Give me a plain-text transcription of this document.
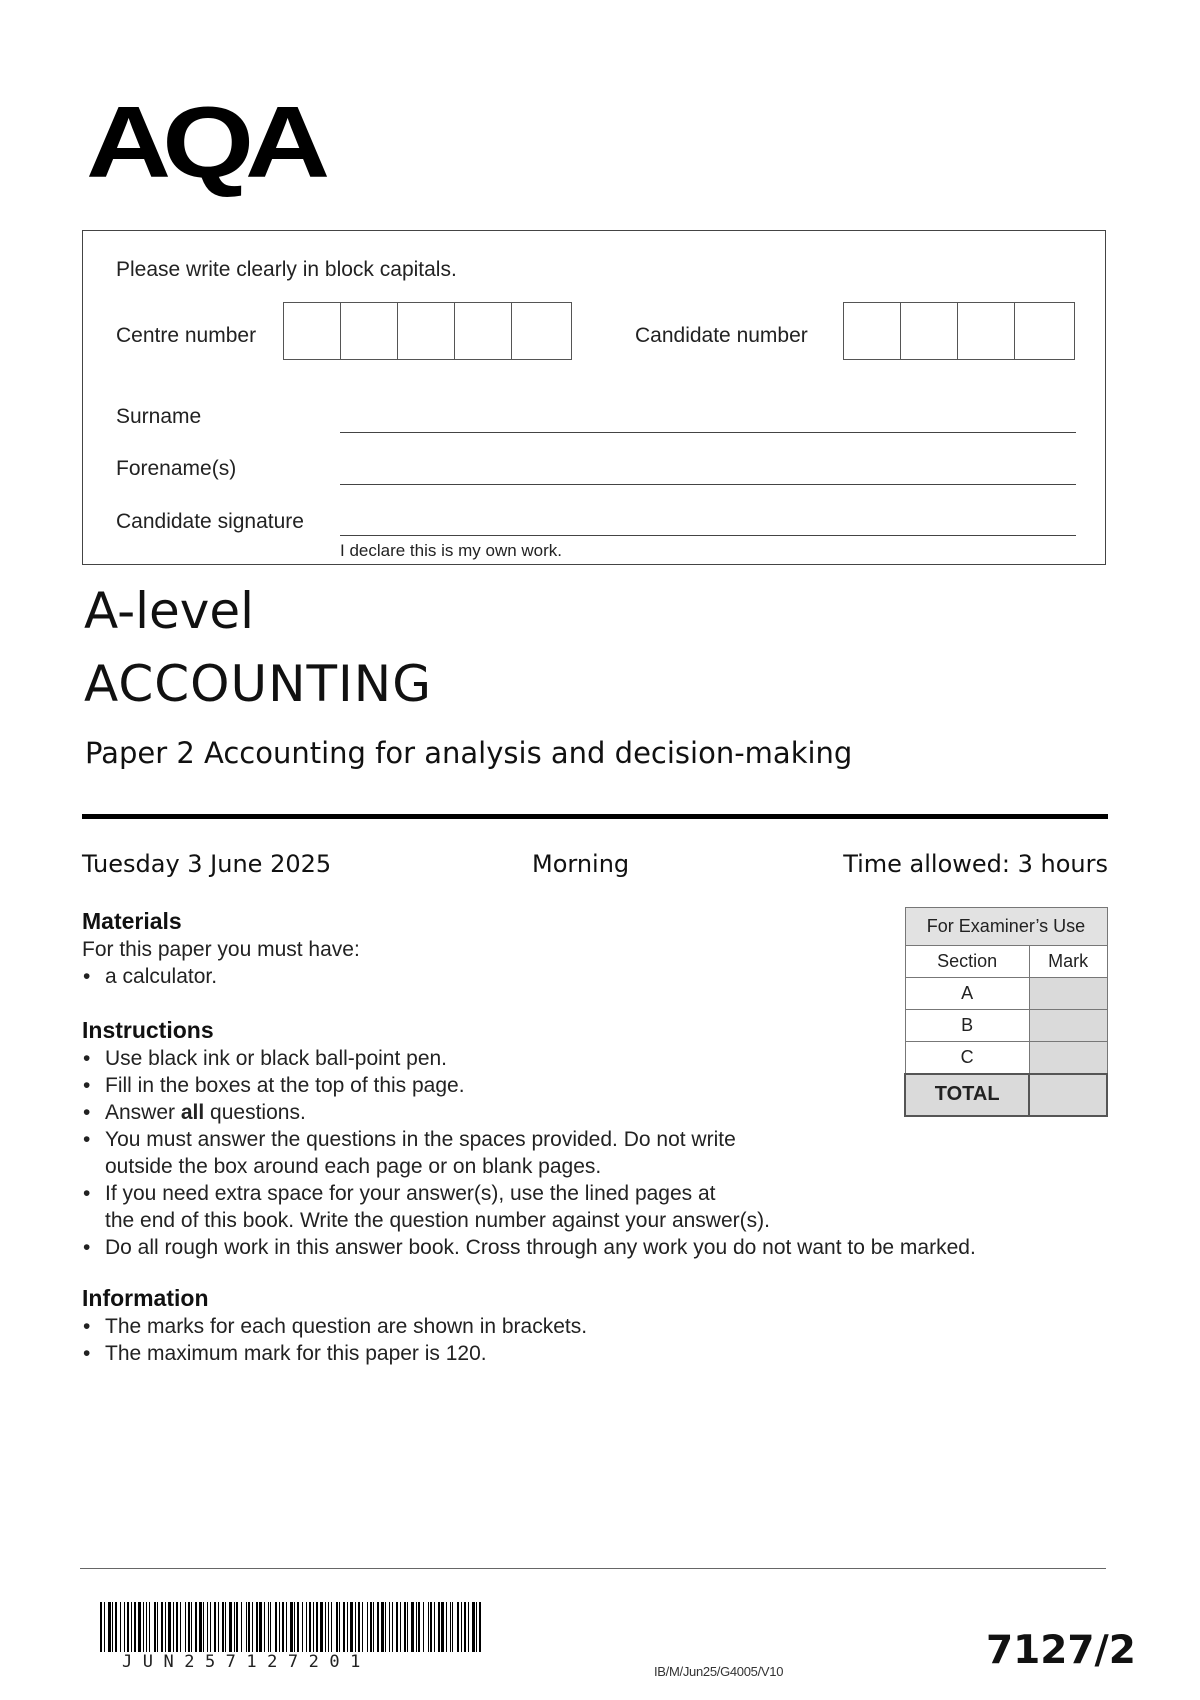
AQA
Please write clearly in block capitals.
Centre number	Candidate number
Surname
Forename(s)
Candidate signature
I declare this is my own work.
A-level
ACCOUNTING
Paper 2 Accounting for analysis and decision-making
Tuesday 3 June 2025	Morning	Time allowed: 3 hours
Materials
For this paper you must have:
• a calculator.
Instructions
• Use black ink or black ball-point pen.
• Fill in the boxes at the top of this page.
• Answer all questions.
• You must answer the questions in the spaces provided. Do not write
outside the box around each page or on blank pages.
• If you need extra space for your answer(s), use the lined pages at
the end of this book. Write the question number against your answer(s).
• Do all rough work in this answer book. Cross through any work you do not want to be marked.
Information
• The marks for each question are shown in brackets.
• The maximum mark for this paper is 120.
For Examiner’s Use	
Section	Mark
A	
B	
C	
TOTAL	
JUN257127201	IB/M/Jun25/G4005/V10	7127/2
